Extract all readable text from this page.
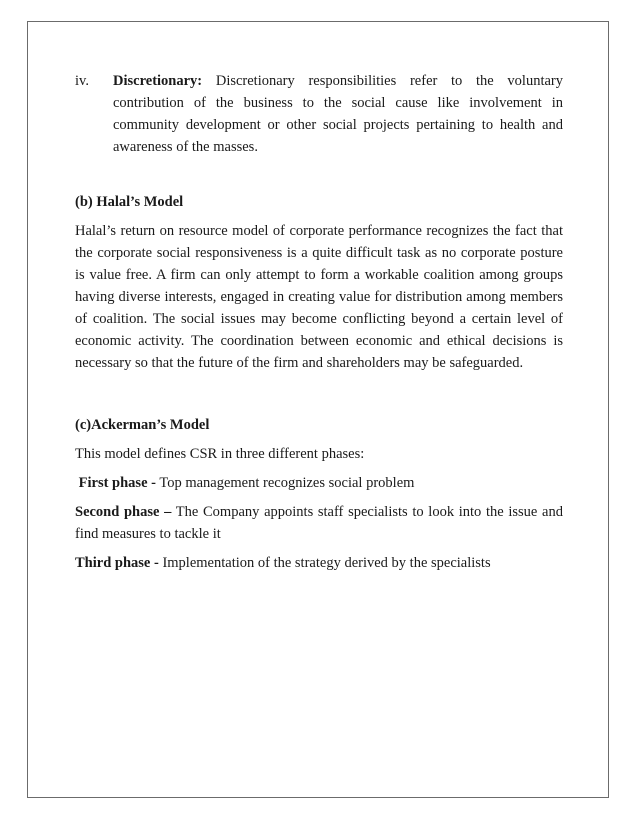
iv.	Discretionary: Discretionary responsibilities refer to the voluntary contribution of the business to the social cause like involvement in community development or other social projects pertaining to health and awareness of the masses.

(b) Halal’s Model

Halal’s return on resource model of corporate performance recognizes the fact that the corporate social responsiveness is a quite difficult task as no corporate posture is value free. A firm can only attempt to form a workable coalition among groups having diverse interests, engaged in creating value for distribution among members of coalition. The social issues may become conflicting beyond a certain level of economic activity. The coordination between economic and ethical decisions is necessary so that the future of the firm and shareholders may be safeguarded.

(c)Ackerman’s Model

This model defines CSR in three different phases:

First phase - Top management recognizes social problem

Second phase – The Company appoints staff specialists to look into the issue and find measures to tackle it

Third phase - Implementation of the strategy derived by the specialists
